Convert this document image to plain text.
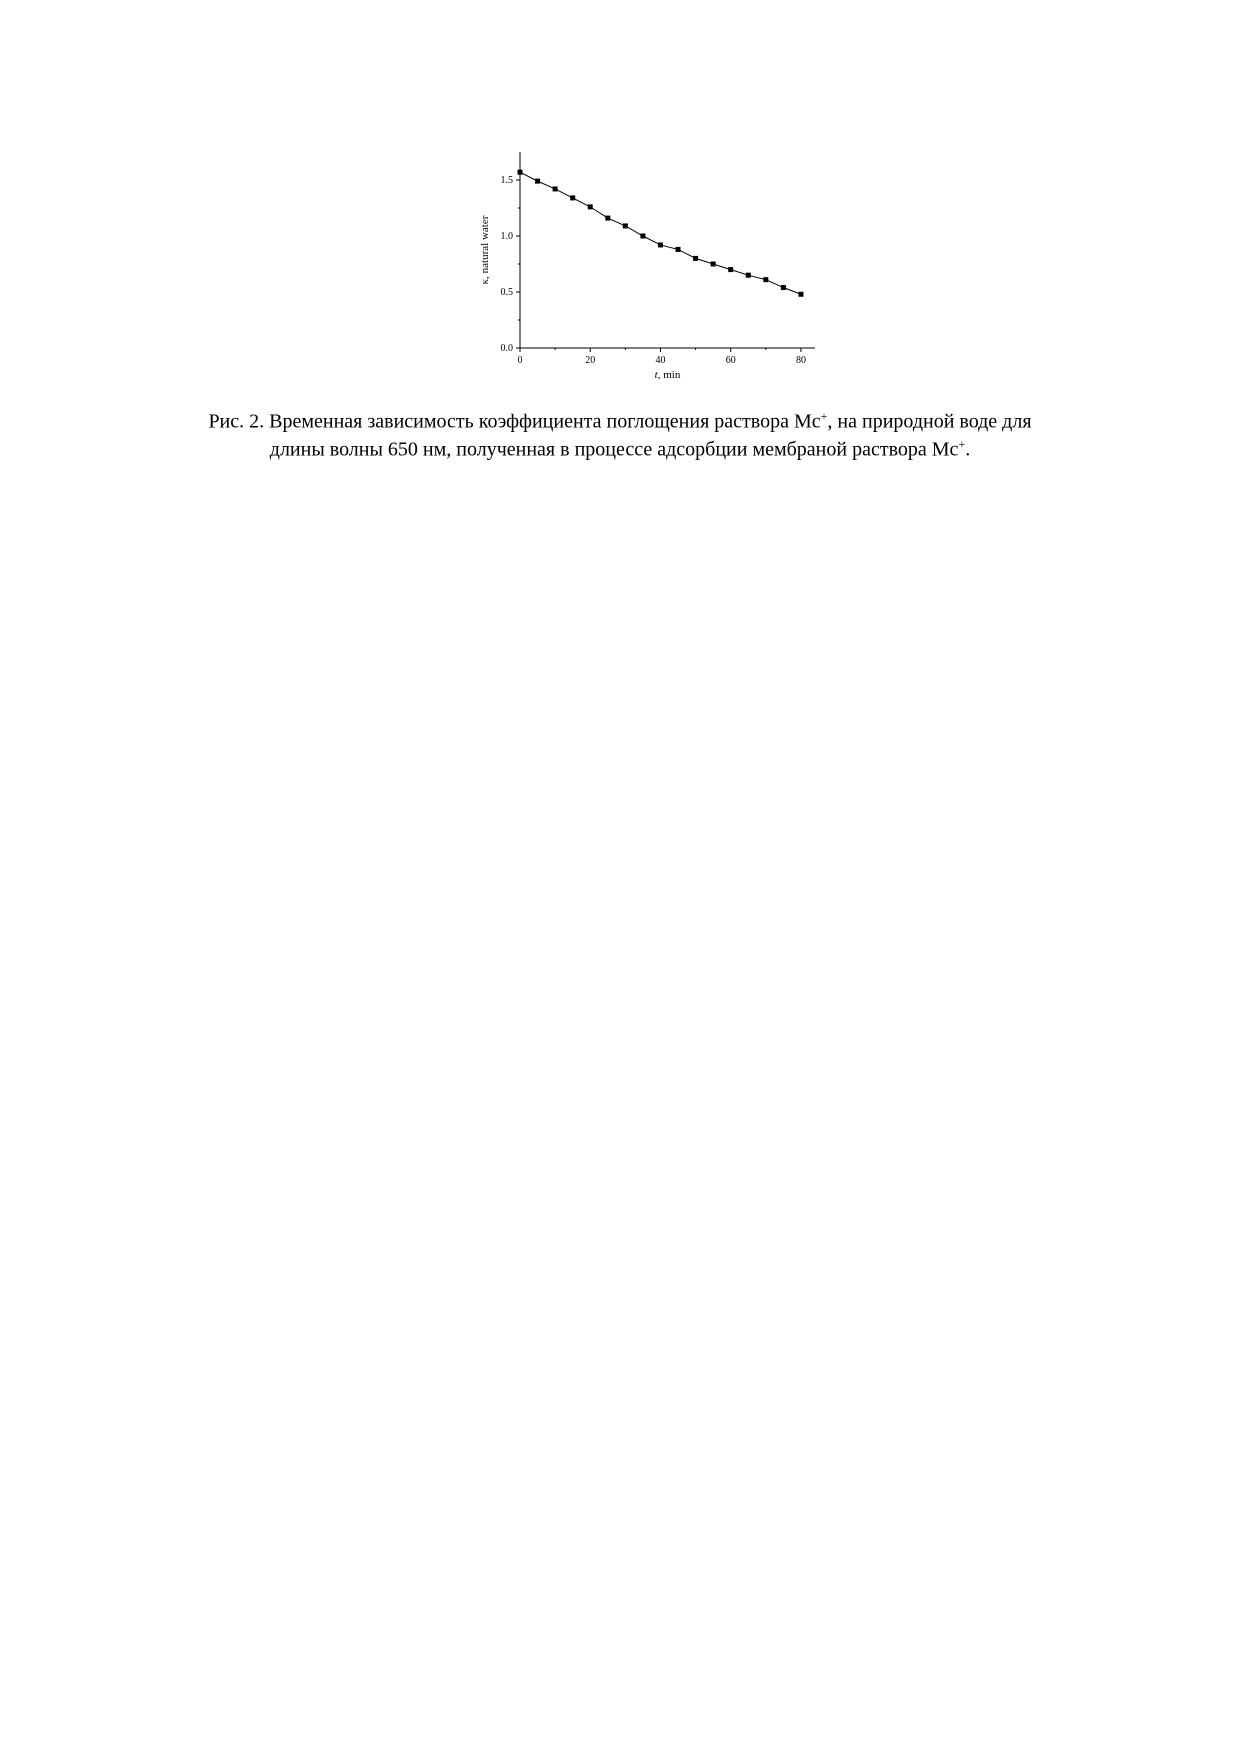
0	20	40	60	80
0.0
0.5
1.0
1.5
t, min
κ, natural water
Рис. 2. Временная зависимость коэффициента поглощения раствора Mc+, на природной воде для
длины волны 650 нм, полученная в процессе адсорбции мембраной раствора Mc+.
